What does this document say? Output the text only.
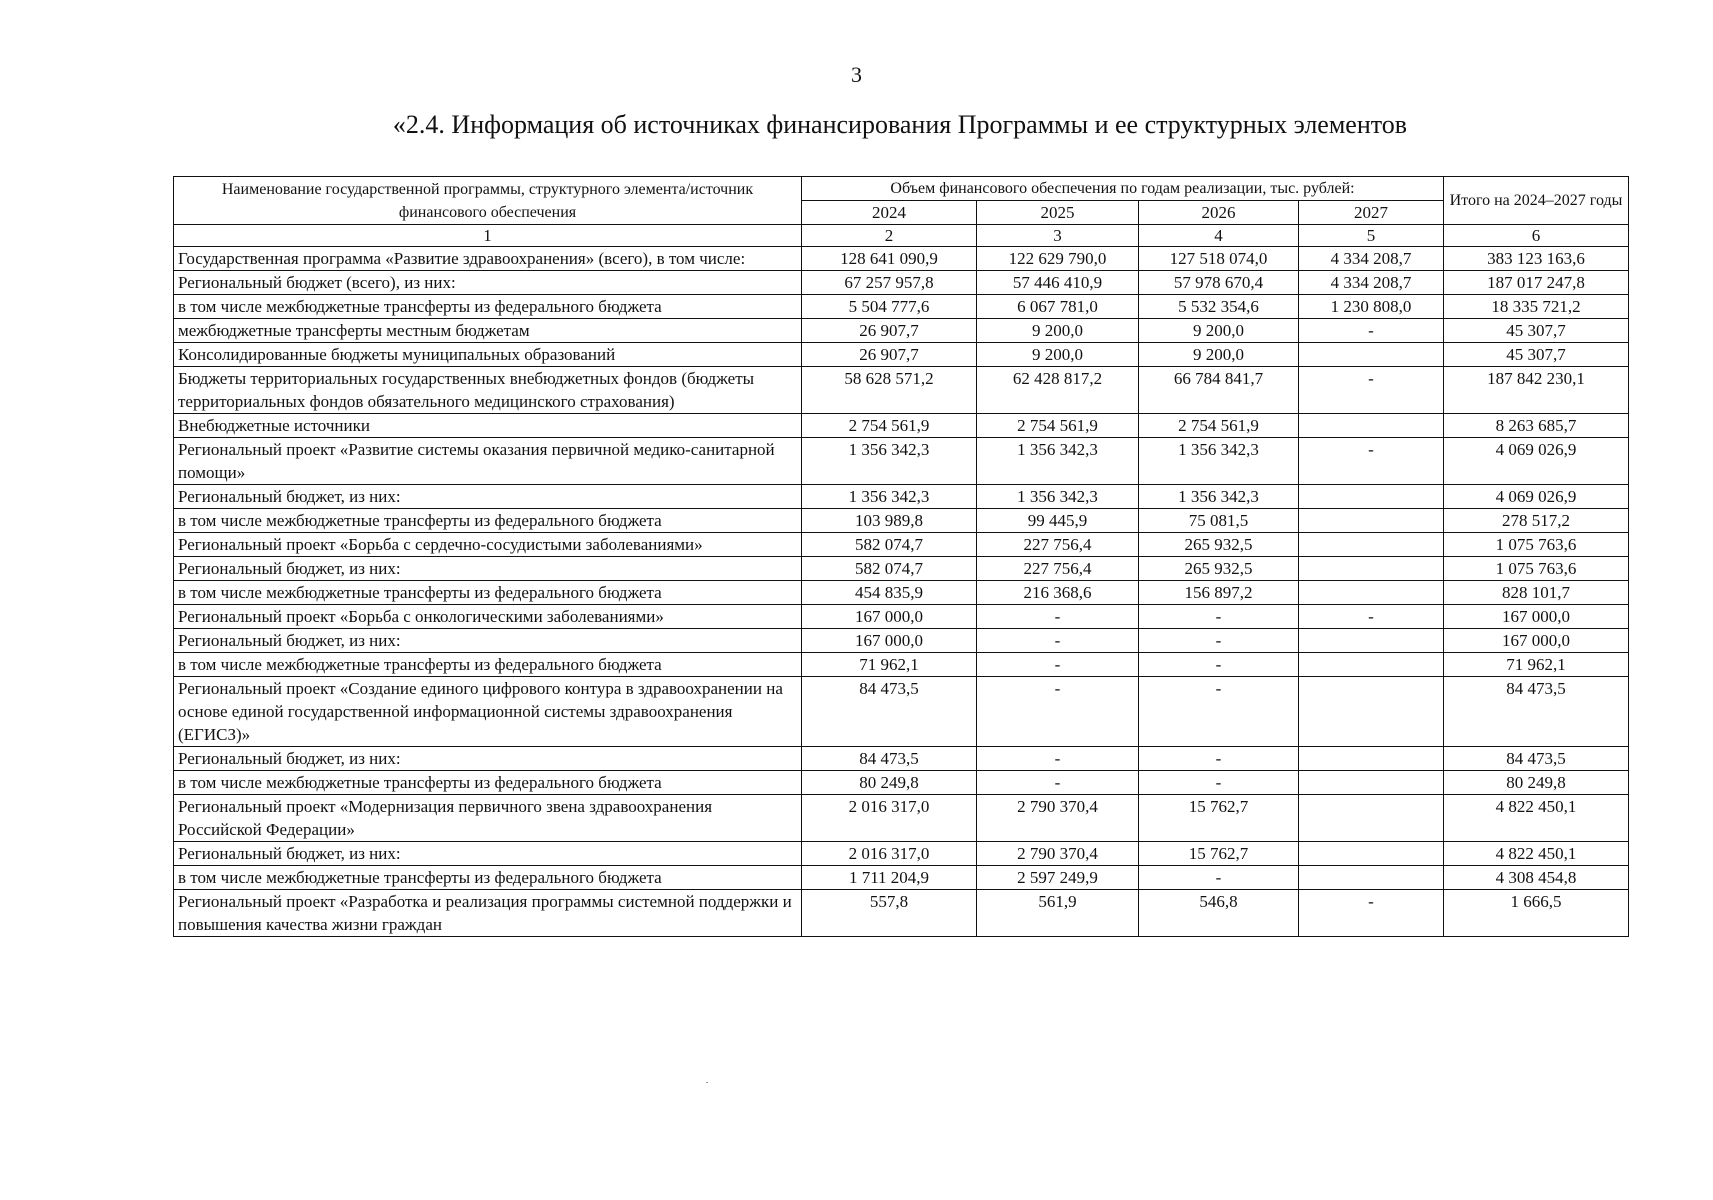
3
«2.4. Информация об источниках финансирования Программы и ее структурных элементов
Наименование государственной программы, структурного элемента/источник финансового обеспечения	Объем финансового обеспечения по годам реализации, тыс. рублей:				Итого на 2024–2027 годы
	2024	2025	2026	2027	
1	2	3	4	5	6
Государственная программа «Развитие здравоохранения» (всего), в том числе:	128 641 090,9	122 629 790,0	127 518 074,0	4 334 208,7	383 123 163,6
Региональный бюджет (всего), из них:	67 257 957,8	57 446 410,9	57 978 670,4	4 334 208,7	187 017 247,8
в том числе межбюджетные трансферты из федерального бюджета	5 504 777,6	6 067 781,0	5 532 354,6	1 230 808,0	18 335 721,2
межбюджетные трансферты местным бюджетам	26 907,7	9 200,0	9 200,0	-	45 307,7
Консолидированные бюджеты муниципальных образований	26 907,7	9 200,0	9 200,0		45 307,7
Бюджеты территориальных государственных внебюджетных фондов (бюджеты территориальных фондов обязательного медицинского страхования)	58 628 571,2	62 428 817,2	66 784 841,7	-	187 842 230,1
Внебюджетные источники	2 754 561,9	2 754 561,9	2 754 561,9		8 263 685,7
Региональный проект «Развитие системы оказания первичной медико-санитарной помощи»	1 356 342,3	1 356 342,3	1 356 342,3	-	4 069 026,9
Региональный бюджет, из них:	1 356 342,3	1 356 342,3	1 356 342,3		4 069 026,9
в том числе межбюджетные трансферты из федерального бюджета	103 989,8	99 445,9	75 081,5		278 517,2
Региональный проект «Борьба с сердечно-сосудистыми заболеваниями»	582 074,7	227 756,4	265 932,5		1 075 763,6
Региональный бюджет, из них:	582 074,7	227 756,4	265 932,5		1 075 763,6
в том числе межбюджетные трансферты из федерального бюджета	454 835,9	216 368,6	156 897,2		828 101,7
Региональный проект «Борьба с онкологическими заболеваниями»	167 000,0	-	-	-	167 000,0
Региональный бюджет, из них:	167 000,0	-	-		167 000,0
в том числе межбюджетные трансферты из федерального бюджета	71 962,1	-	-		71 962,1
Региональный проект «Создание единого цифрового контура в здравоохранении на основе единой государственной информационной системы здравоохранения (ЕГИСЗ)»	84 473,5	-	-		84 473,5
Региональный бюджет, из них:	84 473,5	-	-		84 473,5
в том числе межбюджетные трансферты из федерального бюджета	80 249,8	-	-		80 249,8
Региональный проект «Модернизация первичного звена здравоохранения Российской Федерации»	2 016 317,0	2 790 370,4	15 762,7		4 822 450,1
Региональный бюджет, из них:	2 016 317,0	2 790 370,4	15 762,7		4 822 450,1
в том числе межбюджетные трансферты из федерального бюджета	1 711 204,9	2 597 249,9	-		4 308 454,8
Региональный проект «Разработка и реализация программы системной поддержки и повышения качества жизни граждан	557,8	561,9	546,8	-	1 666,5
